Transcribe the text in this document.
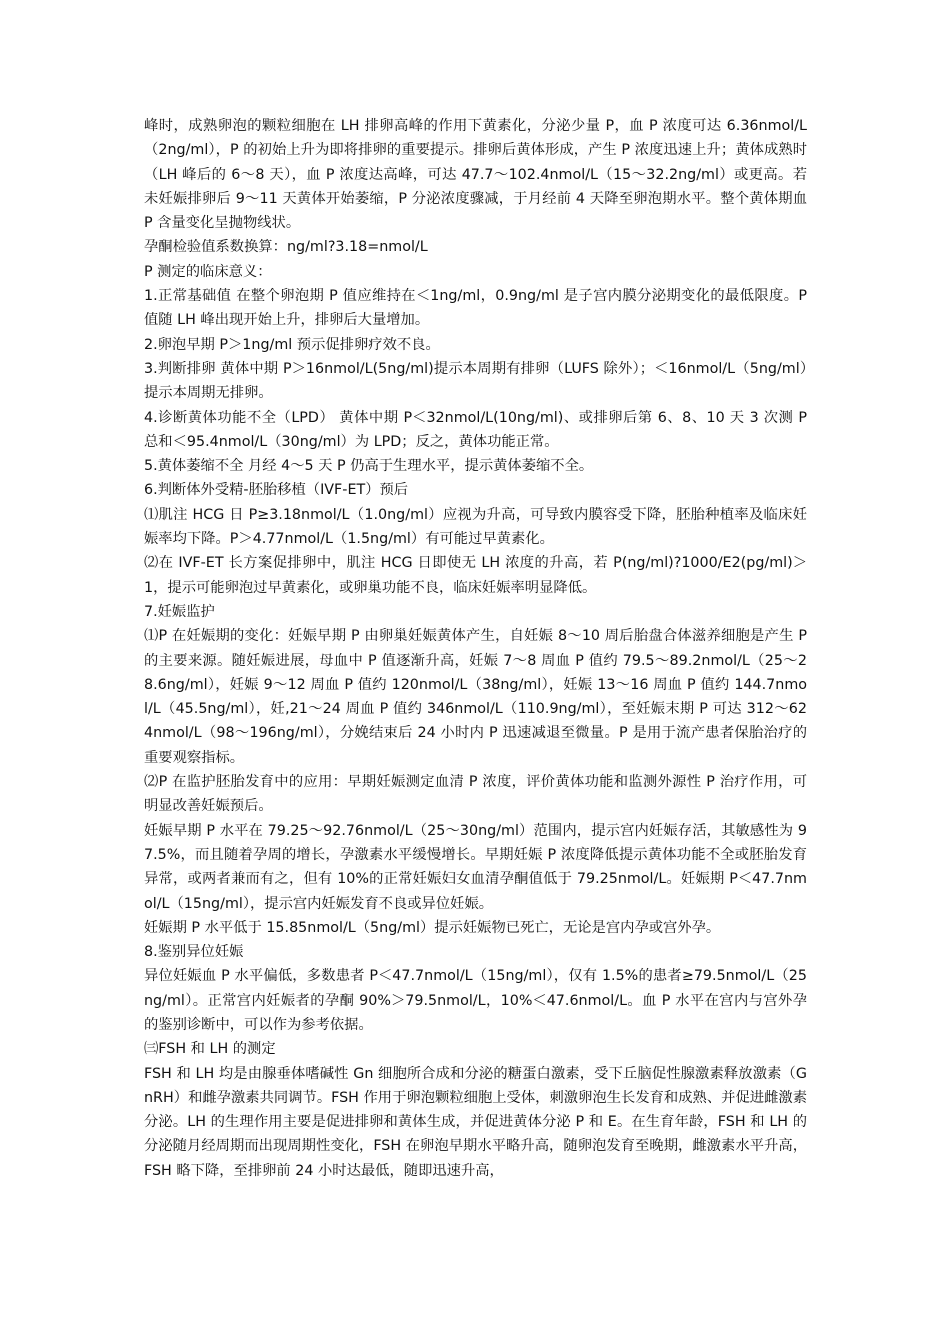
峰时，成熟卵泡的颗粒细胞在 LH 排卵高峰的作用下黄素化，分泌少量 P，血 P 浓度可达 6.36nmol/L（2ng/ml），P 的初始上升为即将排卵的重要提示。排卵后黄体形成，产生 P 浓度迅速上升；黄体成熟时（LH 峰后的 6～8 天），血 P 浓度达高峰，可达 47.7～102.4nmol/L（15～32.2ng/ml）或更高。若未妊娠排卵后 9～11 天黄体开始萎缩，P 分泌浓度骤减，于月经前 4 天降至卵泡期水平。整个黄体期血 P 含量变化呈抛物线状。

孕酮检验值系数换算：ng/ml?3.18=nmol/L

P 测定的临床意义：

1.正常基础值 在整个卵泡期 P 值应维持在＜1ng/ml，0.9ng/ml 是子宫内膜分泌期变化的最低限度。P 值随 LH 峰出现开始上升，排卵后大量增加。

2.卵泡早期 P＞1ng/ml 预示促排卵疗效不良。

3.判断排卵 黄体中期 P＞16nmol/L(5ng/ml)提示本周期有排卵（LUFS 除外）；＜16nmol/L（5ng/ml）提示本周期无排卵。

4.诊断黄体功能不全（LPD） 黄体中期 P＜32nmol/L(10ng/ml)、或排卵后第 6、8、10 天 3 次测 P 总和＜95.4nmol/L（30ng/ml）为 LPD；反之，黄体功能正常。

5.黄体萎缩不全 月经 4～5 天 P 仍高于生理水平，提示黄体萎缩不全。

6.判断体外受精-胚胎移植（IVF-ET）预后

⑴肌注 HCG 日 P≥3.18nmol/L（1.0ng/ml）应视为升高，可导致内膜容受下降，胚胎种植率及临床妊娠率均下降。P＞4.77nmol/L（1.5ng/ml）有可能过早黄素化。

⑵在 IVF-ET 长方案促排卵中，肌注 HCG 日即使无 LH 浓度的升高，若 P(ng/ml)?1000/E2(pg/ml)＞1，提示可能卵泡过早黄素化，或卵巢功能不良，临床妊娠率明显降低。

7.妊娠监护

⑴P 在妊娠期的变化：妊娠早期 P 由卵巢妊娠黄体产生，自妊娠 8～10 周后胎盘合体滋养细胞是产生 P 的主要来源。随妊娠进展，母血中 P 值逐渐升高，妊娠 7～8 周血 P 值约 79.5～89.2nmol/L（25～28.6ng/ml），妊娠 9～12 周血 P 值约 120nmol/L（38ng/ml），妊娠 13～16 周血 P 值约 144.7nmol/L（45.5ng/ml），妊,21～24 周血 P 值约 346nmol/L（110.9ng/ml），至妊娠末期 P 可达 312～624nmol/L（98～196ng/ml），分娩结束后 24 小时内 P 迅速减退至微量。P 是用于流产患者保胎治疗的重要观察指标。

⑵P 在监护胚胎发育中的应用：早期妊娠测定血清 P 浓度，评价黄体功能和监测外源性 P 治疗作用，可明显改善妊娠预后。

妊娠早期 P 水平在 79.25～92.76nmol/L（25～30ng/ml）范围内，提示宫内妊娠存活，其敏感性为 97.5%，而且随着孕周的增长，孕激素水平缓慢增长。早期妊娠 P 浓度降低提示黄体功能不全或胚胎发育异常，或两者兼而有之，但有 10%的正常妊娠妇女血清孕酮值低于 79.25nmol/L。妊娠期 P＜47.7nmol/L（15ng/ml），提示宫内妊娠发育不良或异位妊娠。

妊娠期 P 水平低于 15.85nmol/L（5ng/ml）提示妊娠物已死亡，无论是宫内孕或宫外孕。

8.鉴别异位妊娠

异位妊娠血 P 水平偏低，多数患者 P＜47.7nmol/L（15ng/ml），仅有 1.5%的患者≥79.5nmol/L（25ng/ml）。正常宫内妊娠者的孕酮 90%＞79.5nmol/L，10%＜47.6nmol/L。血 P 水平在宫内与宫外孕的鉴别诊断中，可以作为参考依据。

㈢FSH 和 LH 的测定

FSH 和 LH 均是由腺垂体嗜碱性 Gn 细胞所合成和分泌的糖蛋白激素，受下丘脑促性腺激素释放激素（GnRH）和雌孕激素共同调节。FSH 作用于卵泡颗粒细胞上受体，刺激卵泡生长发育和成熟、并促进雌激素分泌。LH 的生理作用主要是促进排卵和黄体生成，并促进黄体分泌 P 和 E。在生育年龄，FSH 和 LH 的分泌随月经周期而出现周期性变化，FSH 在卵泡早期水平略升高，随卵泡发育至晚期，雌激素水平升高，FSH 略下降，至排卵前 24 小时达最低，随即迅速升高，
